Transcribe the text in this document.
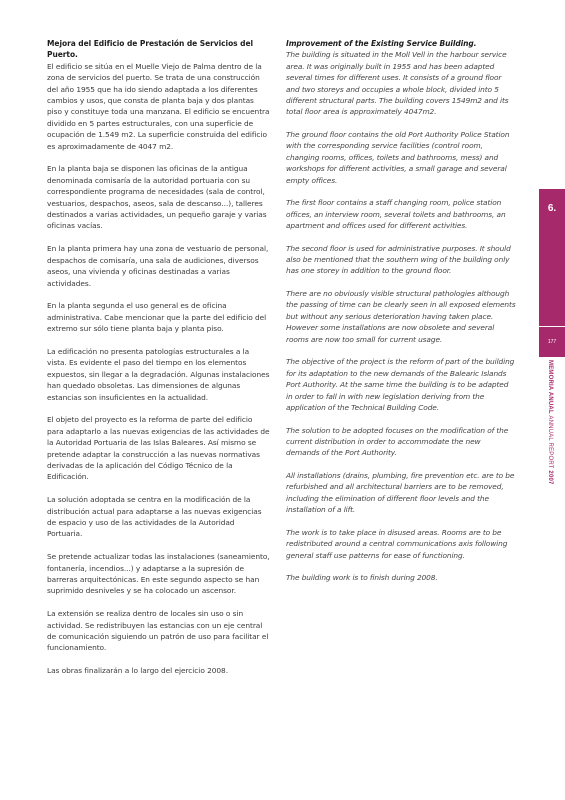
Mejora del Edificio de Prestación de Servicios del Puerto.

El edificio se sitúa en el Muelle Viejo de Palma dentro de la zona de servicios del puerto. Se trata de una construcción del año 1955 que ha ido siendo adaptada a los diferentes cambios y usos, que consta de planta baja y dos plantas piso y constituye toda una manzana. El edificio se encuentra dividido en 5 partes estructurales, con una superficie de ocupación de 1.549 m2. La superficie construida del edificio es aproximadamente de 4047 m2.

En la planta baja se disponen las oficinas de la antigua denominada comisaría de la autoridad portuaria con su correspondiente programa de necesidades (sala de control, vestuarios, despachos, aseos, sala de descanso...), talleres destinados a varias actividades, un pequeño garaje y varias oficinas vacías.

En la planta primera hay una zona de vestuario de personal, despachos de comisaría, una sala de audiciones, diversos aseos, una vivienda y oficinas destinadas a varias actividades.

En la planta segunda el uso general es de oficina administrativa. Cabe mencionar que la parte del edificio del extremo sur sólo tiene planta baja y planta piso.

La edificación no presenta patologías estructurales a la vista. Es evidente el paso del tiempo en los elementos expuestos, sin llegar a la degradación. Algunas instalaciones han quedado obsoletas. Las dimensiones de algunas estancias son insuficientes en la actualidad.

El objeto del proyecto es la reforma de parte del edificio para adaptarlo a las nuevas exigencias de las actividades de la Autoridad Portuaria de las Islas Baleares. Así mismo se pretende adaptar la construcción a las nuevas normativas derivadas de la aplicación del Código Técnico de la Edificación.

La solución adoptada se centra en la modificación de la distribución actual para adaptarse a las nuevas exigencias de espacio y uso de las actividades de la Autoridad Portuaria.

Se pretende actualizar todas las instalaciones (saneamiento, fontanería, incendios...) y adaptarse a la supresión de barreras arquitectónicas. En este segundo aspecto se han suprimido desniveles y se ha colocado un ascensor.

La extensión se realiza dentro de locales sin uso o sin actividad. Se redistribuyen las estancias con un eje central de comunicación siguiendo un patrón de uso para facilitar el funcionamiento.

Las obras finalizarán a lo largo del ejercicio 2008.

Improvement of the Existing Service Building.

The building is situated in the Moll Vell in the harbour service area. It was originally built in 1955 and has been adapted several times for different uses. It consists of a ground floor and two storeys and occupies a whole block, divided into 5 different structural parts. The building covers 1549m2 and its total floor area is approximately 4047m2.

The ground floor contains the old Port Authority Police Station with the corresponding service facilities (control room, changing rooms, offices, toilets and bathrooms, mess) and workshops for different activities, a small garage and several empty offices.

The first floor contains a staff changing room, police station offices, an interview room, several toilets and bathrooms, an apartment and offices used for different activities.

The second floor is used for administrative purposes. It should also be mentioned that the southern wing of the building only has one storey in addition to the ground floor.

There are no obviously visible structural pathologies although the passing of time can be clearly seen in all exposed elements but without any serious deterioration having taken place. However some installations are now obsolete and several rooms are now too small for current usage.

The objective of the project is the reform of part of the building for its adaptation to the new demands of the Balearic Islands Port Authority. At the same time the building is to be adapted in order to fall in with new legislation deriving from the application of the Technical Building Code.

The solution to be adopted focuses on the modification of the current distribution in order to accommodate the new demands of the Port Authority.

All installations (drains, plumbing, fire prevention etc. are to be refurbished and all architectural barriers are to be removed, including the elimination of different floor levels and the installation of a lift.

The work is to take place in disused areas. Rooms are to be redistributed around a central communications axis following general staff use patterns for ease of functioning.

The building work is to finish during 2008.

6.
177
MEMORIA ANUAL ANNUAL REPORT 2007
